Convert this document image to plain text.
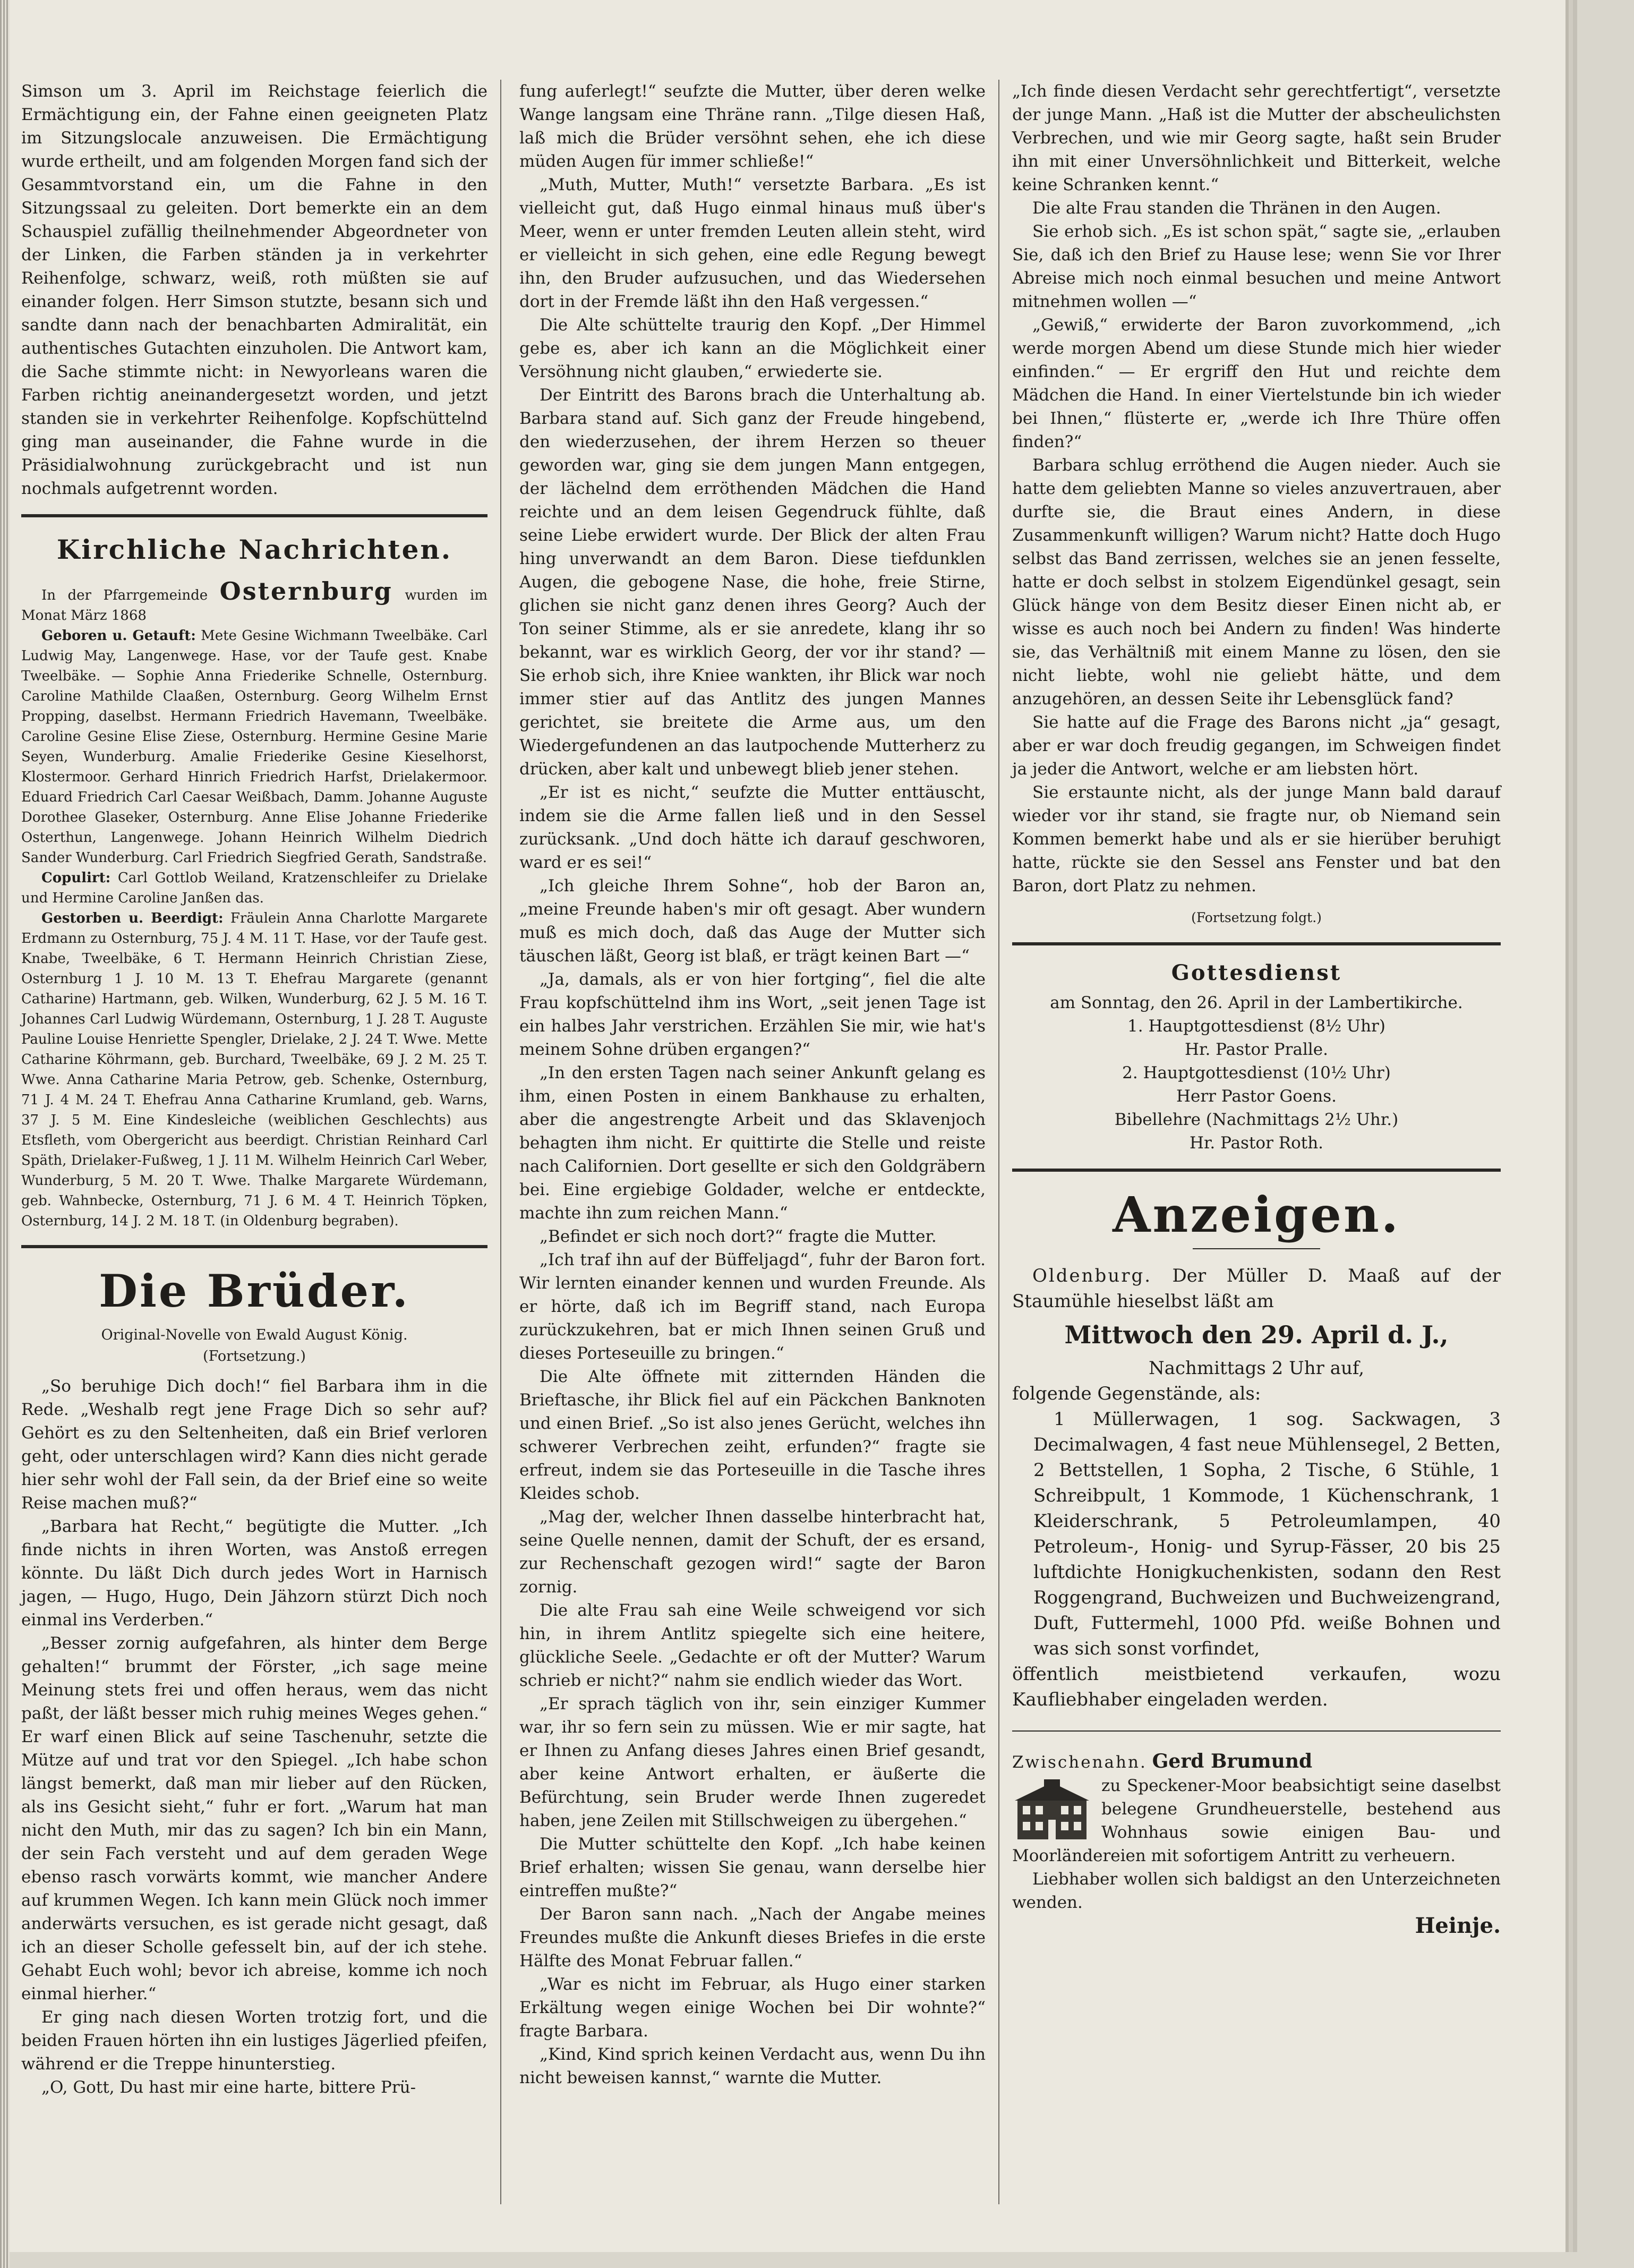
Simson um 3. April im Reichstage feierlich die Ermächtigung ein, der Fahne einen geeigneten Platz im Sitzungslocale anzuweisen. Die Ermächtigung wurde ertheilt, und am folgenden Morgen fand sich der Gesammtvorstand ein, um die Fahne in den Sitzungssaal zu geleiten. Dort bemerkte ein an dem Schauspiel zufällig theilnehmender Abgeordneter von der Linken, die Farben ständen ja in verkehrter Reihenfolge, schwarz, weiß, roth müßten sie auf einander folgen. Herr Simson stutzte, besann sich und sandte dann nach der benachbarten Admiralität, ein authentisches Gutachten einzuholen. Die Antwort kam, die Sache stimmte nicht: in Newyorleans waren die Farben richtig aneinandergesetzt worden, und jetzt standen sie in verkehrter Reihenfolge. Kopfschüttelnd ging man auseinander, die Fahne wurde in die Präsidialwohnung zurückgebracht und ist nun nochmals aufgetrennt worden.

Kirchliche Nachrichten.

In der Pfarrgemeinde Osternburg wurden im Monat März 1868

Geboren u. Getauft: Mete Gesine Wichmann Tweelbäke. Carl Ludwig May, Langenwege. Hase, vor der Taufe gest. Knabe Tweelbäke. — Sophie Anna Friederike Schnelle, Osternburg. Caroline Mathilde Claaßen, Osternburg. Georg Wilhelm Ernst Propping, daselbst. Hermann Friedrich Havemann, Tweelbäke. Caroline Gesine Elise Ziese, Osternburg. Hermine Gesine Marie Seyen, Wunderburg. Amalie Friederike Gesine Kieselhorst, Klostermoor. Gerhard Hinrich Friedrich Harfst, Drielakermoor. Eduard Friedrich Carl Caesar Weißbach, Damm. Johanne Auguste Dorothee Glaseker, Osternburg. Anne Elise Johanne Friederike Osterthun, Langenwege. Johann Heinrich Wilhelm Diedrich Sander Wunderburg. Carl Friedrich Siegfried Gerath, Sandstraße.

Copulirt: Carl Gottlob Weiland, Kratzenschleifer zu Drielake und Hermine Caroline Janßen das.

Gestorben u. Beerdigt: Fräulein Anna Charlotte Margarete Erdmann zu Osternburg, 75 J. 4 M. 11 T. Hase, vor der Taufe gest. Knabe, Tweelbäke, 6 T. Hermann Heinrich Christian Ziese, Osternburg 1 J. 10 M. 13 T. Ehefrau Margarete (genannt Catharine) Hartmann, geb. Wilken, Wunderburg, 62 J. 5 M. 16 T. Johannes Carl Ludwig Würdemann, Osternburg, 1 J. 28 T. Auguste Pauline Louise Henriette Spengler, Drielake, 2 J. 24 T. Wwe. Mette Catharine Köhrmann, geb. Burchard, Tweelbäke, 69 J. 2 M. 25 T. Wwe. Anna Catharine Maria Petrow, geb. Schenke, Osternburg, 71 J. 4 M. 24 T. Ehefrau Anna Catharine Krumland, geb. Warns, 37 J. 5 M. Eine Kindesleiche (weiblichen Geschlechts) aus Etsfleth, vom Obergericht aus beerdigt. Christian Reinhard Carl Späth, Drielaker-Fußweg, 1 J. 11 M. Wilhelm Heinrich Carl Weber, Wunderburg, 5 M. 20 T. Wwe. Thalke Margarete Würdemann, geb. Wahnbecke, Osternburg, 71 J. 6 M. 4 T. Heinrich Töpken, Osternburg, 14 J. 2 M. 18 T. (in Oldenburg begraben).

Die Brüder.
Original-Novelle von Ewald August König.
(Fortsetzung.)

„So beruhige Dich doch!“ fiel Barbara ihm in die Rede. „Weshalb regt jene Frage Dich so sehr auf? Gehört es zu den Seltenheiten, daß ein Brief verloren geht, oder unterschlagen wird? Kann dies nicht gerade hier sehr wohl der Fall sein, da der Brief eine so weite Reise machen muß?“

„Barbara hat Recht,“ begütigte die Mutter. „Ich finde nichts in ihren Worten, was Anstoß erregen könnte. Du läßt Dich durch jedes Wort in Harnisch jagen, — Hugo, Hugo, Dein Jähzorn stürzt Dich noch einmal ins Verderben.“

„Besser zornig aufgefahren, als hinter dem Berge gehalten!“ brummt der Förster, „ich sage meine Meinung stets frei und offen heraus, wem das nicht paßt, der läßt besser mich ruhig meines Weges gehen.“ Er warf einen Blick auf seine Taschenuhr, setzte die Mütze auf und trat vor den Spiegel. „Ich habe schon längst bemerkt, daß man mir lieber auf den Rücken, als ins Gesicht sieht,“ fuhr er fort. „Warum hat man nicht den Muth, mir das zu sagen? Ich bin ein Mann, der sein Fach versteht und auf dem geraden Wege ebenso rasch vorwärts kommt, wie mancher Andere auf krummen Wegen. Ich kann mein Glück noch immer anderwärts versuchen, es ist gerade nicht gesagt, daß ich an dieser Scholle gefesselt bin, auf der ich stehe. Gehabt Euch wohl; bevor ich abreise, komme ich noch einmal hierher.“

Er ging nach diesen Worten trotzig fort, und die beiden Frauen hörten ihn ein lustiges Jägerlied pfeifen, während er die Treppe hinunterstieg.

„O, Gott, Du hast mir eine harte, bittere Prü-

fung auferlegt!“ seufzte die Mutter, über deren welke Wange langsam eine Thräne rann. „Tilge diesen Haß, laß mich die Brüder versöhnt sehen, ehe ich diese müden Augen für immer schließe!“

„Muth, Mutter, Muth!“ versetzte Barbara. „Es ist vielleicht gut, daß Hugo einmal hinaus muß über's Meer, wenn er unter fremden Leuten allein steht, wird er vielleicht in sich gehen, eine edle Regung bewegt ihn, den Bruder aufzusuchen, und das Wiedersehen dort in der Fremde läßt ihn den Haß vergessen.“

Die Alte schüttelte traurig den Kopf. „Der Himmel gebe es, aber ich kann an die Möglichkeit einer Versöhnung nicht glauben,“ erwiederte sie.

Der Eintritt des Barons brach die Unterhaltung ab. Barbara stand auf. Sich ganz der Freude hingebend, den wiederzusehen, der ihrem Herzen so theuer geworden war, ging sie dem jungen Mann entgegen, der lächelnd dem erröthenden Mädchen die Hand reichte und an dem leisen Gegendruck fühlte, daß seine Liebe erwidert wurde. Der Blick der alten Frau hing unverwandt an dem Baron. Diese tiefdunklen Augen, die gebogene Nase, die hohe, freie Stirne, glichen sie nicht ganz denen ihres Georg? Auch der Ton seiner Stimme, als er sie anredete, klang ihr so bekannt, war es wirklich Georg, der vor ihr stand? — Sie erhob sich, ihre Kniee wankten, ihr Blick war noch immer stier auf das Antlitz des jungen Mannes gerichtet, sie breitete die Arme aus, um den Wiedergefundenen an das lautpochende Mutterherz zu drücken, aber kalt und unbewegt blieb jener stehen.

„Er ist es nicht,“ seufzte die Mutter enttäuscht, indem sie die Arme fallen ließ und in den Sessel zurücksank. „Und doch hätte ich darauf geschworen, ward er es sei!“

„Ich gleiche Ihrem Sohne“, hob der Baron an, „meine Freunde haben's mir oft gesagt. Aber wundern muß es mich doch, daß das Auge der Mutter sich täuschen läßt, Georg ist blaß, er trägt keinen Bart —“

„Ja, damals, als er von hier fortging“, fiel die alte Frau kopfschüttelnd ihm ins Wort, „seit jenen Tage ist ein halbes Jahr verstrichen. Erzählen Sie mir, wie hat's meinem Sohne drüben ergangen?“

„In den ersten Tagen nach seiner Ankunft gelang es ihm, einen Posten in einem Bankhause zu erhalten, aber die angestrengte Arbeit und das Sklavenjoch behagten ihm nicht. Er quittirte die Stelle und reiste nach Californien. Dort gesellte er sich den Goldgräbern bei. Eine ergiebige Goldader, welche er entdeckte, machte ihn zum reichen Mann.“

„Befindet er sich noch dort?“ fragte die Mutter.

„Ich traf ihn auf der Büffeljagd“, fuhr der Baron fort. Wir lernten einander kennen und wurden Freunde. Als er hörte, daß ich im Begriff stand, nach Europa zurückzukehren, bat er mich Ihnen seinen Gruß und dieses Porteseuille zu bringen.“

Die Alte öffnete mit zitternden Händen die Brieftasche, ihr Blick fiel auf ein Päckchen Banknoten und einen Brief. „So ist also jenes Gerücht, welches ihn schwerer Verbrechen zeiht, erfunden?“ fragte sie erfreut, indem sie das Porteseuille in die Tasche ihres Kleides schob.

„Mag der, welcher Ihnen dasselbe hinterbracht hat, seine Quelle nennen, damit der Schuft, der es ersand, zur Rechenschaft gezogen wird!“ sagte der Baron zornig.

Die alte Frau sah eine Weile schweigend vor sich hin, in ihrem Antlitz spiegelte sich eine heitere, glückliche Seele. „Gedachte er oft der Mutter? Warum schrieb er nicht?“ nahm sie endlich wieder das Wort.

„Er sprach täglich von ihr, sein einziger Kummer war, ihr so fern sein zu müssen. Wie er mir sagte, hat er Ihnen zu Anfang dieses Jahres einen Brief gesandt, aber keine Antwort erhalten, er äußerte die Befürchtung, sein Bruder werde Ihnen zugeredet haben, jene Zeilen mit Stillschweigen zu übergehen.“

Die Mutter schüttelte den Kopf. „Ich habe keinen Brief erhalten; wissen Sie genau, wann derselbe hier eintreffen mußte?“

Der Baron sann nach. „Nach der Angabe meines Freundes mußte die Ankunft dieses Briefes in die erste Hälfte des Monat Februar fallen.“

„War es nicht im Februar, als Hugo einer starken Erkältung wegen einige Wochen bei Dir wohnte?“ fragte Barbara.

„Kind, Kind sprich keinen Verdacht aus, wenn Du ihn nicht beweisen kannst,“ warnte die Mutter.

„Ich finde diesen Verdacht sehr gerechtfertigt“, versetzte der junge Mann. „Haß ist die Mutter der abscheulichsten Verbrechen, und wie mir Georg sagte, haßt sein Bruder ihn mit einer Unversöhnlichkeit und Bitterkeit, welche keine Schranken kennt.“

Die alte Frau standen die Thränen in den Augen.

Sie erhob sich. „Es ist schon spät,“ sagte sie, „erlauben Sie, daß ich den Brief zu Hause lese; wenn Sie vor Ihrer Abreise mich noch einmal besuchen und meine Antwort mitnehmen wollen —“

„Gewiß,“ erwiderte der Baron zuvorkommend, „ich werde morgen Abend um diese Stunde mich hier wieder einfinden.“ — Er ergriff den Hut und reichte dem Mädchen die Hand. In einer Viertelstunde bin ich wieder bei Ihnen,“ flüsterte er, „werde ich Ihre Thüre offen finden?“

Barbara schlug erröthend die Augen nieder. Auch sie hatte dem geliebten Manne so vieles anzuvertrauen, aber durfte sie, die Braut eines Andern, in diese Zusammenkunft willigen? Warum nicht? Hatte doch Hugo selbst das Band zerrissen, welches sie an jenen fesselte, hatte er doch selbst in stolzem Eigendünkel gesagt, sein Glück hänge von dem Besitz dieser Einen nicht ab, er wisse es auch noch bei Andern zu finden! Was hinderte sie, das Verhältniß mit einem Manne zu lösen, den sie nicht liebte, wohl nie geliebt hätte, und dem anzugehören, an dessen Seite ihr Lebensglück fand?

Sie hatte auf die Frage des Barons nicht „ja“ gesagt, aber er war doch freudig gegangen, im Schweigen findet ja jeder die Antwort, welche er am liebsten hört.

Sie erstaunte nicht, als der junge Mann bald darauf wieder vor ihr stand, sie fragte nur, ob Niemand sein Kommen bemerkt habe und als er sie hierüber beruhigt hatte, rückte sie den Sessel ans Fenster und bat den Baron, dort Platz zu nehmen.

(Fortsetzung folgt.)
Gottesdienst
am Sonntag, den 26. April in der Lambertikirche.
1. Hauptgottesdienst (8½ Uhr)
Hr. Pastor Pralle.
2. Hauptgottesdienst (10½ Uhr)
Herr Pastor Goens.
Bibellehre (Nachmittags 2½ Uhr.)
Hr. Pastor Roth.
Anzeigen.

Oldenburg. Der Müller D. Maaß auf der Staumühle hieselbst läßt am

Mittwoch den 29. April d. J.,
Nachmittags 2 Uhr auf,

folgende Gegenstände, als:

1 Müllerwagen, 1 sog. Sackwagen, 3 Decimalwagen, 4 fast neue Mühlensegel, 2 Betten, 2 Bettstellen, 1 Sopha, 2 Tische, 6 Stühle, 1 Schreibpult, 1 Kommode, 1 Küchenschrank, 1 Kleiderschrank, 5 Petroleumlampen, 40 Petroleum-, Honig- und Syrup-Fässer, 20 bis 25 luftdichte Honigkuchenkisten, sodann den Rest Roggengrand, Buchweizen und Buchweizengrand, Duft, Futtermehl, 1000 Pfd. weiße Bohnen und was sich sonst vorfindet,

öffentlich meistbietend verkaufen, wozu Kaufliebhaber eingeladen werden.

Zwischenahn. Gerd Brumund

zu Speckener-Moor beabsichtigt seine daselbst belegene Grundheuerstelle, bestehend aus Wohnhaus sowie einigen Bau- und Moorländereien mit sofortigem Antritt zu verheuern.

Liebhaber wollen sich baldigst an den Unterzeichneten wenden.

Heinje.
